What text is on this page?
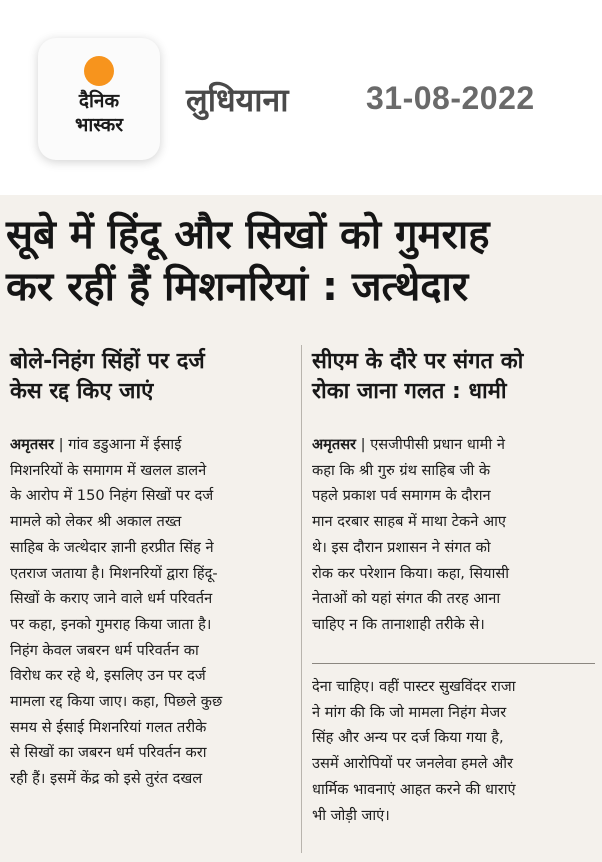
दैनिक
भास्कर
लुधियाना 31-08-2022
सूबे में हिंदू और सिखों को गुमराह
कर रहीं हैं मिशनरियां : जत्थेदार
बोले-निहंग सिंहों पर दर्ज
केस रद्द किए जाएं
सीएम के दौरे पर संगत को
रोका जाना गलत : धामी
अमृतसर | गांव डडुआना में ईसाई
मिशनरियों के समागम में खलल डालने
के आरोप में 150 निहंग सिखों पर दर्ज
मामले को लेकर श्री अकाल तख्त
साहिब के जत्थेदार ज्ञानी हरप्रीत सिंह ने
एतराज जताया है। मिशनरियों द्वारा हिंदू-
सिखों के कराए जाने वाले धर्म परिवर्तन
पर कहा, इनको गुमराह किया जाता है।
निहंग केवल जबरन धर्म परिवर्तन का
विरोध कर रहे थे, इसलिए उन पर दर्ज
मामला रद्द किया जाए। कहा, पिछले कुछ
समय से ईसाई मिशनरियां गलत तरीके
से सिखों का जबरन धर्म परिवर्तन करा
रही हैं। इसमें केंद्र को इसे तुरंत दखल
अमृतसर | एसजीपीसी प्रधान धामी ने
कहा कि श्री गुरु ग्रंथ साहिब जी के
पहले प्रकाश पर्व समागम के दौरान
मान दरबार साहब में माथा टेकने आए
थे। इस दौरान प्रशासन ने संगत को
रोक कर परेशान किया। कहा, सियासी
नेताओं को यहां संगत की तरह आना
चाहिए न कि तानाशाही तरीके से।
देना चाहिए। वहीं पास्टर सुखविंदर राजा
ने मांग की कि जो मामला निहंग मेजर
सिंह और अन्य पर दर्ज किया गया है,
उसमें आरोपियों पर जनलेवा हमले और
धार्मिक भावनाएं आहत करने की धाराएं
भी जोड़ी जाएं।
